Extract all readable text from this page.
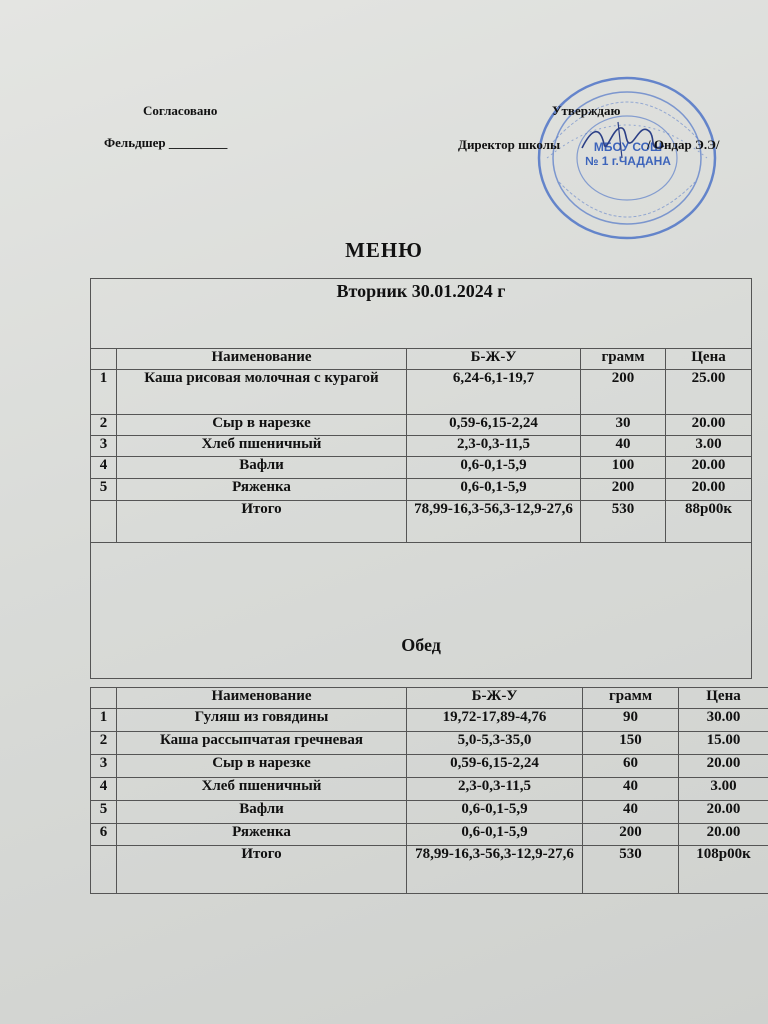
МБОУ СОШ
№ 1 г.ЧАДАНА
Согласовано
Фельдшер _________
Утверждаю
Директор школы	/ Ондар Э.Э/
МЕНЮ
Вторник 30.01.2024 г				

	Наименование	Б-Ж-У	грамм	Цена
1	Каша рисовая молочная с курагой	6,24-6,1-19,7	200	25.00
2	Сыр в нарезке	0,59-6,15-2,24	30	20.00
3	Хлеб пшеничный	2,3-0,3-11,5	40	3.00
4	Вафли	0,6-0,1-5,9	100	20.00
5	Ряженка	0,6-0,1-5,9	200	20.00
	Итого	78,99-16,3-56,3-12,9-27,6	530	88р00к

Обед				
	Наименование	Б-Ж-У	грамм	Цена
1	Гуляш из говядины	19,72-17,89-4,76	90	30.00
2	Каша рассыпчатая гречневая	5,0-5,3-35,0	150	15.00
3	Сыр в нарезке	0,59-6,15-2,24	60	20.00
4	Хлеб пшеничный	2,3-0,3-11,5	40	3.00
5	Вафли	0,6-0,1-5,9	40	20.00
6	Ряженка	0,6-0,1-5,9	200	20.00
	Итого	78,99-16,3-56,3-12,9-27,6	530	108р00к
